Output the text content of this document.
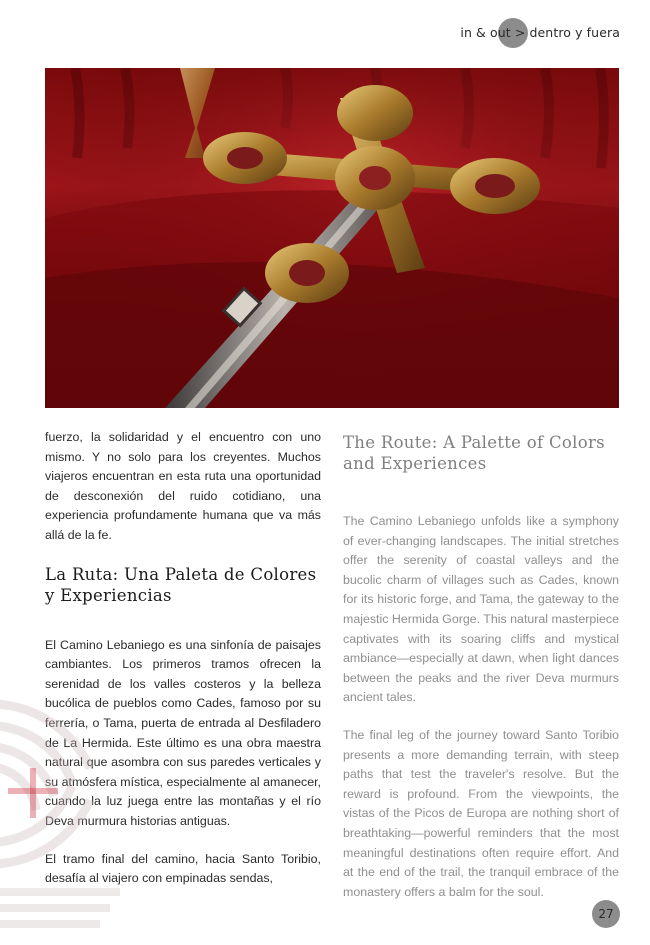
in & out > dentro y fuera

fuerzo, la solidaridad y el encuentro con uno mismo. Y no solo para los creyentes. Muchos viajeros encuentran en esta ruta una oportunidad de desconexión del ruido cotidiano, una experiencia profundamente humana que va más allá de la fe.

La Ruta: Una Paleta de Colores y Experiencias

El Camino Lebaniego es una sinfonía de paisajes cambiantes. Los primeros tramos ofrecen la serenidad de los valles costeros y la belleza bucólica de pueblos como Cades, famoso por su ferrería, o Tama, puerta de entrada al Desfiladero de La Hermida. Este último es una obra maestra natural que asombra con sus paredes verticales y su atmósfera mística, especialmente al amanecer, cuando la luz juega entre las montañas y el río Deva murmura historias antiguas.

El tramo final del camino, hacia Santo Toribio, desafía al viajero con empinadas sendas,

The Route: A Palette of Colors and Experiences

The Camino Lebaniego unfolds like a symphony of ever-changing landscapes. The initial stretches offer the serenity of coastal valleys and the bucolic charm of villages such as Cades, known for its historic forge, and Tama, the gateway to the majestic Hermida Gorge. This natural masterpiece captivates with its soaring cliffs and mystical ambiance—especially at dawn, when light dances between the peaks and the river Deva murmurs ancient tales.

The final leg of the journey toward Santo Toribio presents a more demanding terrain, with steep paths that test the traveler's resolve. But the reward is profound. From the viewpoints, the vistas of the Picos de Europa are nothing short of breathtaking—powerful reminders that the most meaningful destinations often require effort. And at the end of the trail, the tranquil embrace of the monastery offers a balm for the soul.

27
